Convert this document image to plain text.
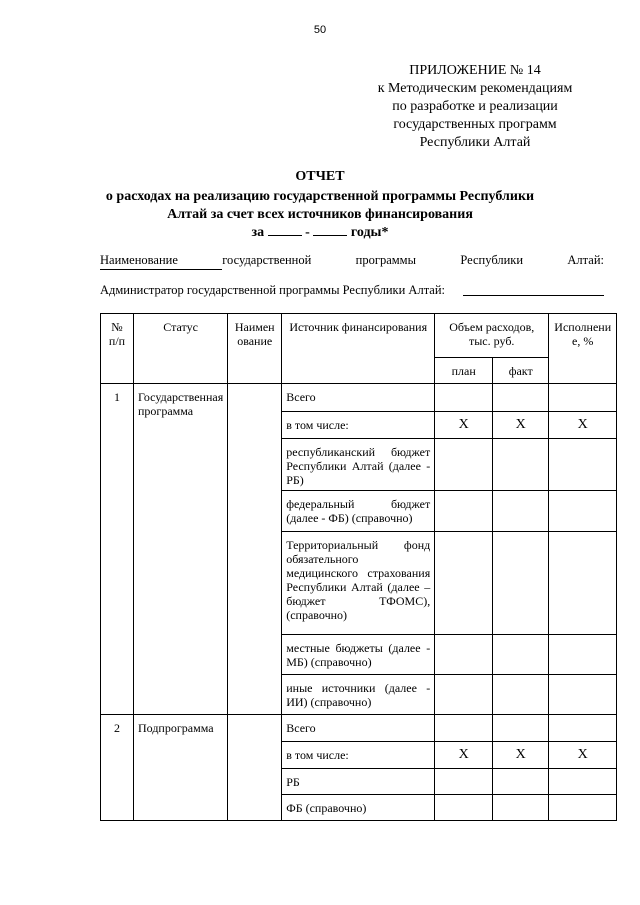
50
ПРИЛОЖЕНИЕ № 14
к Методическим рекомендациям
по разработке и реализации
государственных программ
Республики Алтай
ОТЧЕТ
о расходах на реализацию государственной программы Республики
Алтай за счет всех источников финансирования
за	-	годы*
Наименование	государственной	программы	Республики	Алтай:
Администратор государственной программы Республики Алтай:
№ п/п	Статус	Наименование	Источник финансирования	Объем расходов, тыс. руб.		Исполнение, %
				план	факт	
1	Государственная программа		Всего			
			в том числе:	X	X	X
			республиканский бюджет Республики Алтай (далее - РБ)			
			федеральный бюджет (далее - ФБ) (справочно)			
			Территориальный фонд обязательного медицинского страхования Республики Алтай (далее – бюджет ТФОМС), (справочно)			
			местные бюджеты (далее - МБ) (справочно)			
			иные источники (далее - ИИ) (справочно)			
2	Подпрограмма		Всего			
			в том числе:	X	X	X
			РБ			
			ФБ (справочно)			
